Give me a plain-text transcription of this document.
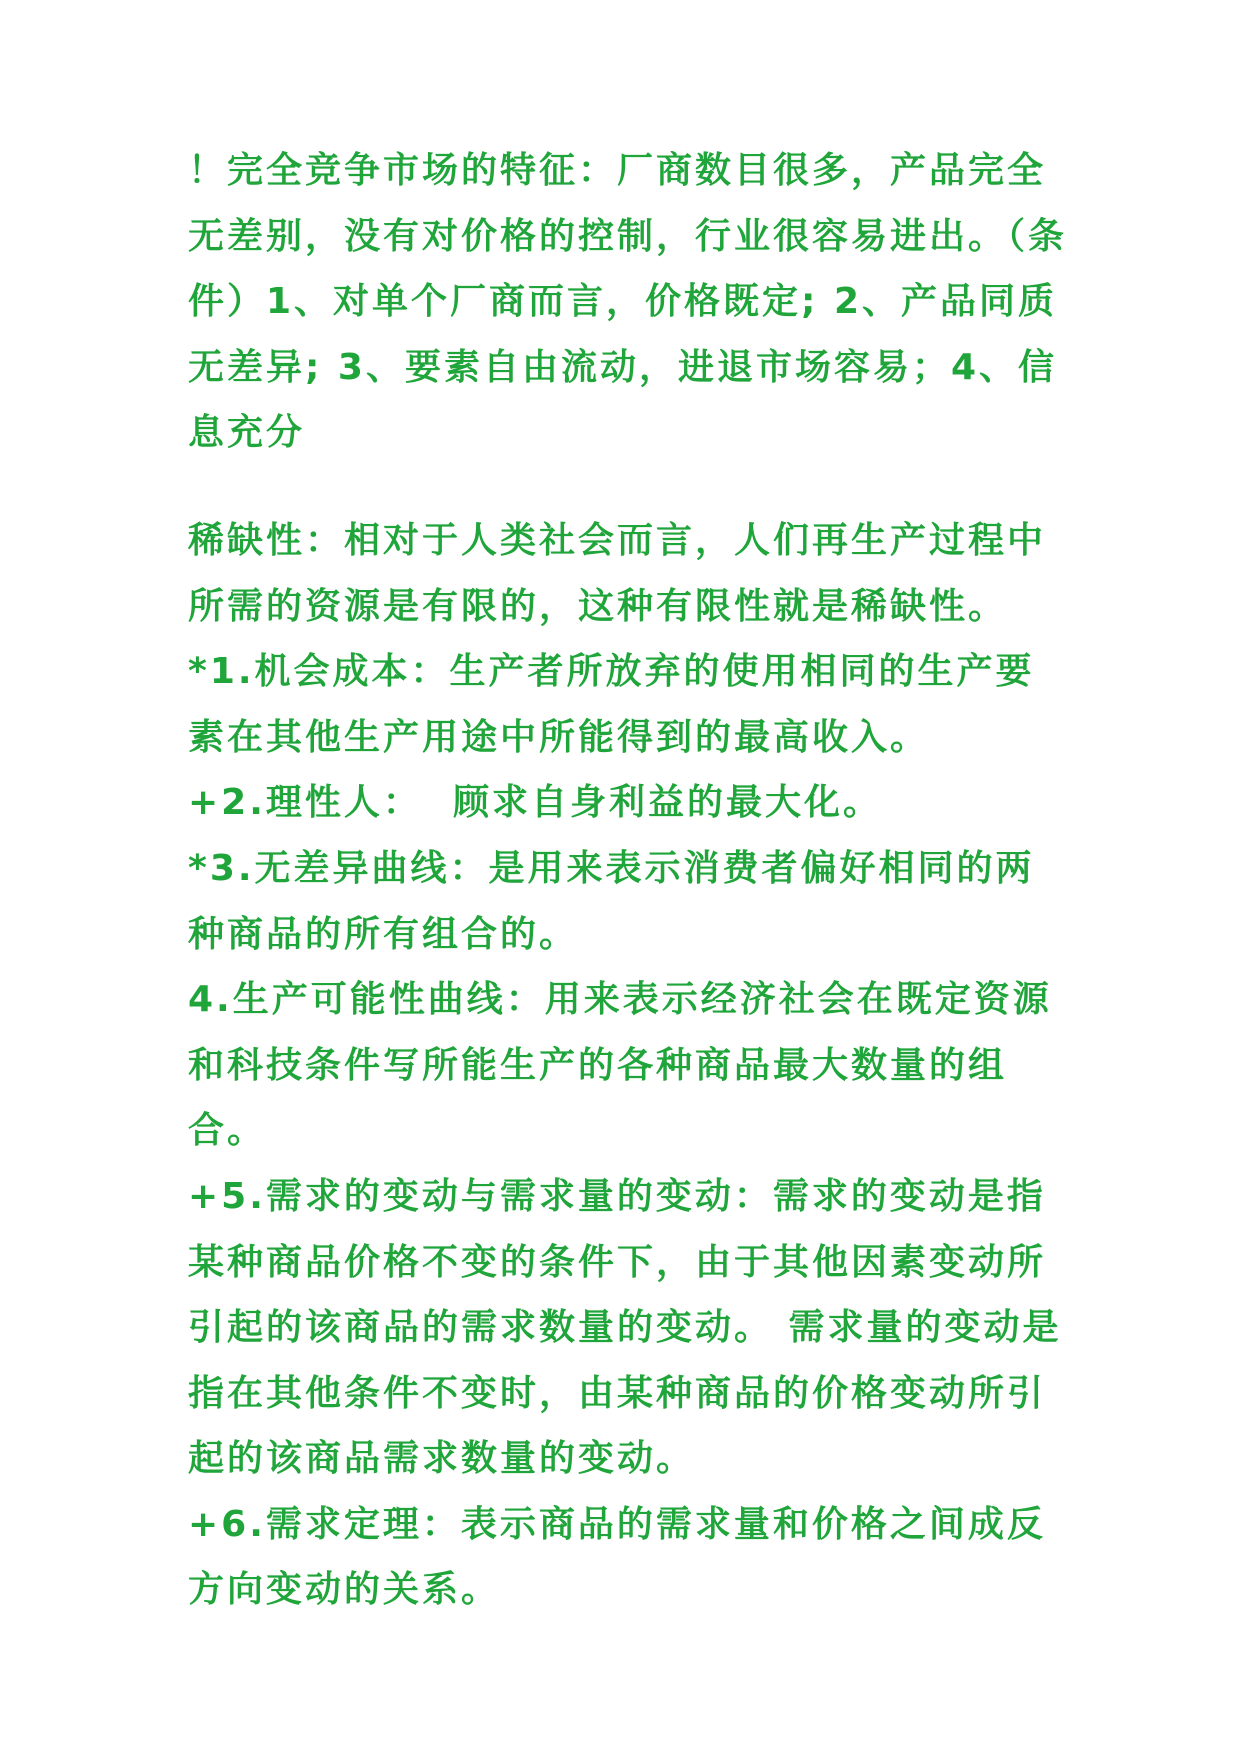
！完全竞争市场的特征：厂商数目很多，产品完全无差别，没有对价格的控制，行业很容易进出。（条件）1、对单个厂商而言，价格既定; 2、产品同质无差异; 3、要素自由流动，进退市场容易；4、信息充分

稀缺性：相对于人类社会而言，人们再生产过程中所需的资源是有限的，这种有限性就是稀缺性。

*1.机会成本：生产者所放弃的使用相同的生产要素在其他生产用途中所能得到的最高收入。

+2.理性人：  顾求自身利益的最大化。

*3.无差异曲线：是用来表示消费者偏好相同的两种商品的所有组合的。

4.生产可能性曲线：用来表示经济社会在既定资源和科技条件写所能生产的各种商品最大数量的组合。

+5.需求的变动与需求量的变动：需求的变动是指某种商品价格不变的条件下，由于其他因素变动所引起的该商品的需求数量的变动。 需求量的变动是指在其他条件不变时，由某种商品的价格变动所引起的该商品需求数量的变动。

+6.需求定理：表示商品的需求量和价格之间成反方向变动的关系。
